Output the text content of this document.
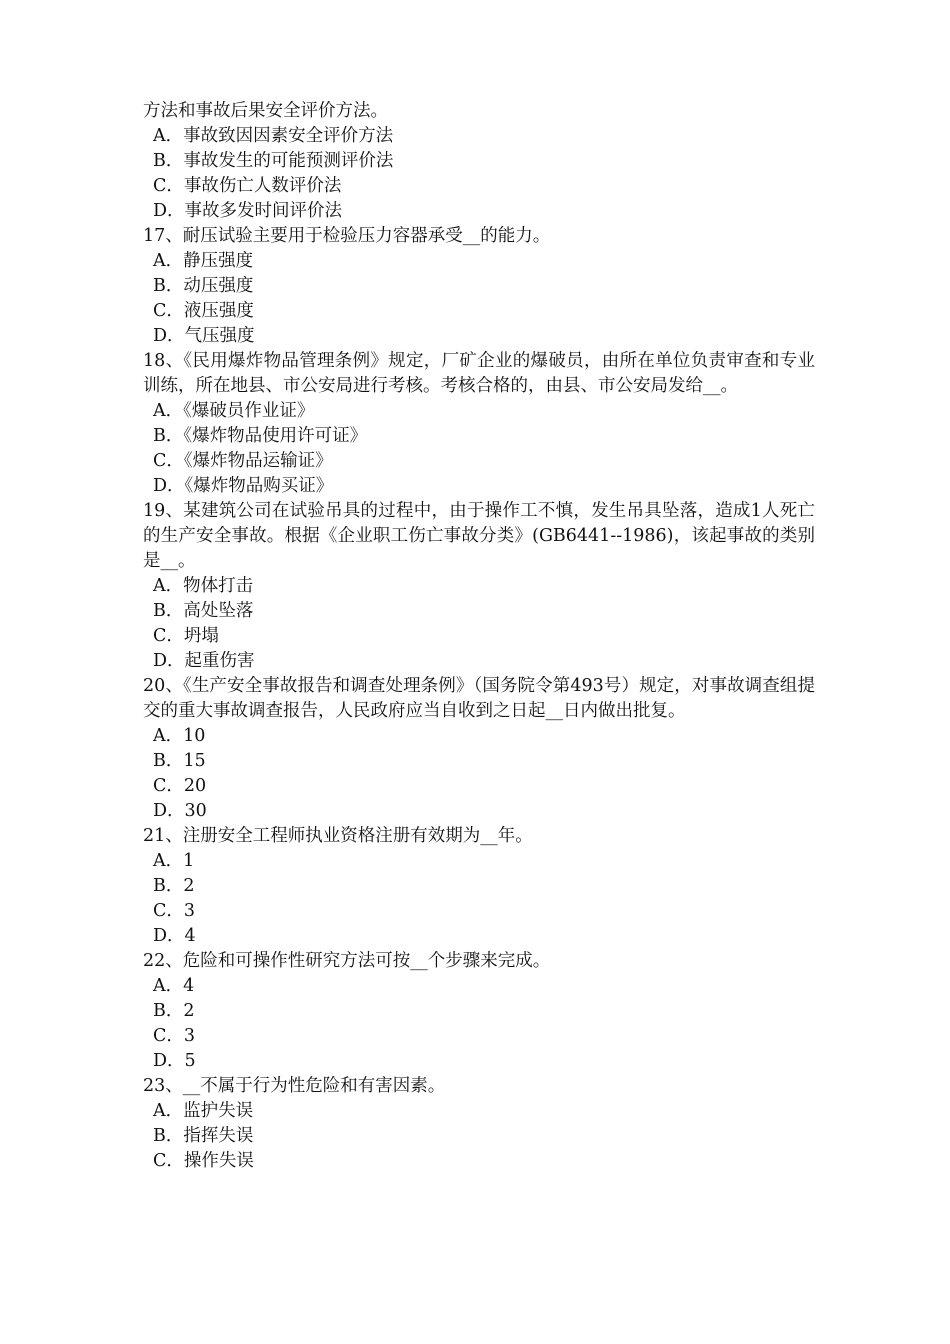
方法和事故后果安全评价方法。
A．事故致因因素安全评价方法
B．事故发生的可能预测评价法
C．事故伤亡人数评价法
D．事故多发时间评价法
17、耐压试验主要用于检验压力容器承受__的能力。
A．静压强度
B．动压强度
C．液压强度
D．气压强度
18、《民用爆炸物品管理条例》规定，厂矿企业的爆破员，由所在单位负责审查和专业训练，所在地县、市公安局进行考核。考核合格的，由县、市公安局发给__。
A．《爆破员作业证》
B．《爆炸物品使用许可证》
C．《爆炸物品运输证》
D．《爆炸物品购买证》
19、某建筑公司在试验吊具的过程中，由于操作工不慎，发生吊具坠落，造成1人死亡的生产安全事故。根据《企业职工伤亡事故分类》(GB6441--1986)，该起事故的类别是__。
A．物体打击
B．高处坠落
C．坍塌
D．起重伤害
20、《生产安全事故报告和调查处理条例》（国务院令第493号）规定，对事故调查组提交的重大事故调查报告，人民政府应当自收到之日起__日内做出批复。
A．10
B．15
C．20
D．30
21、注册安全工程师执业资格注册有效期为__年。
A．1
B．2
C．3
D．4
22、危险和可操作性研究方法可按__个步骤来完成。
A．4
B．2
C．3
D．5
23、__不属于行为性危险和有害因素。
A．监护失误
B．指挥失误
C．操作失误
